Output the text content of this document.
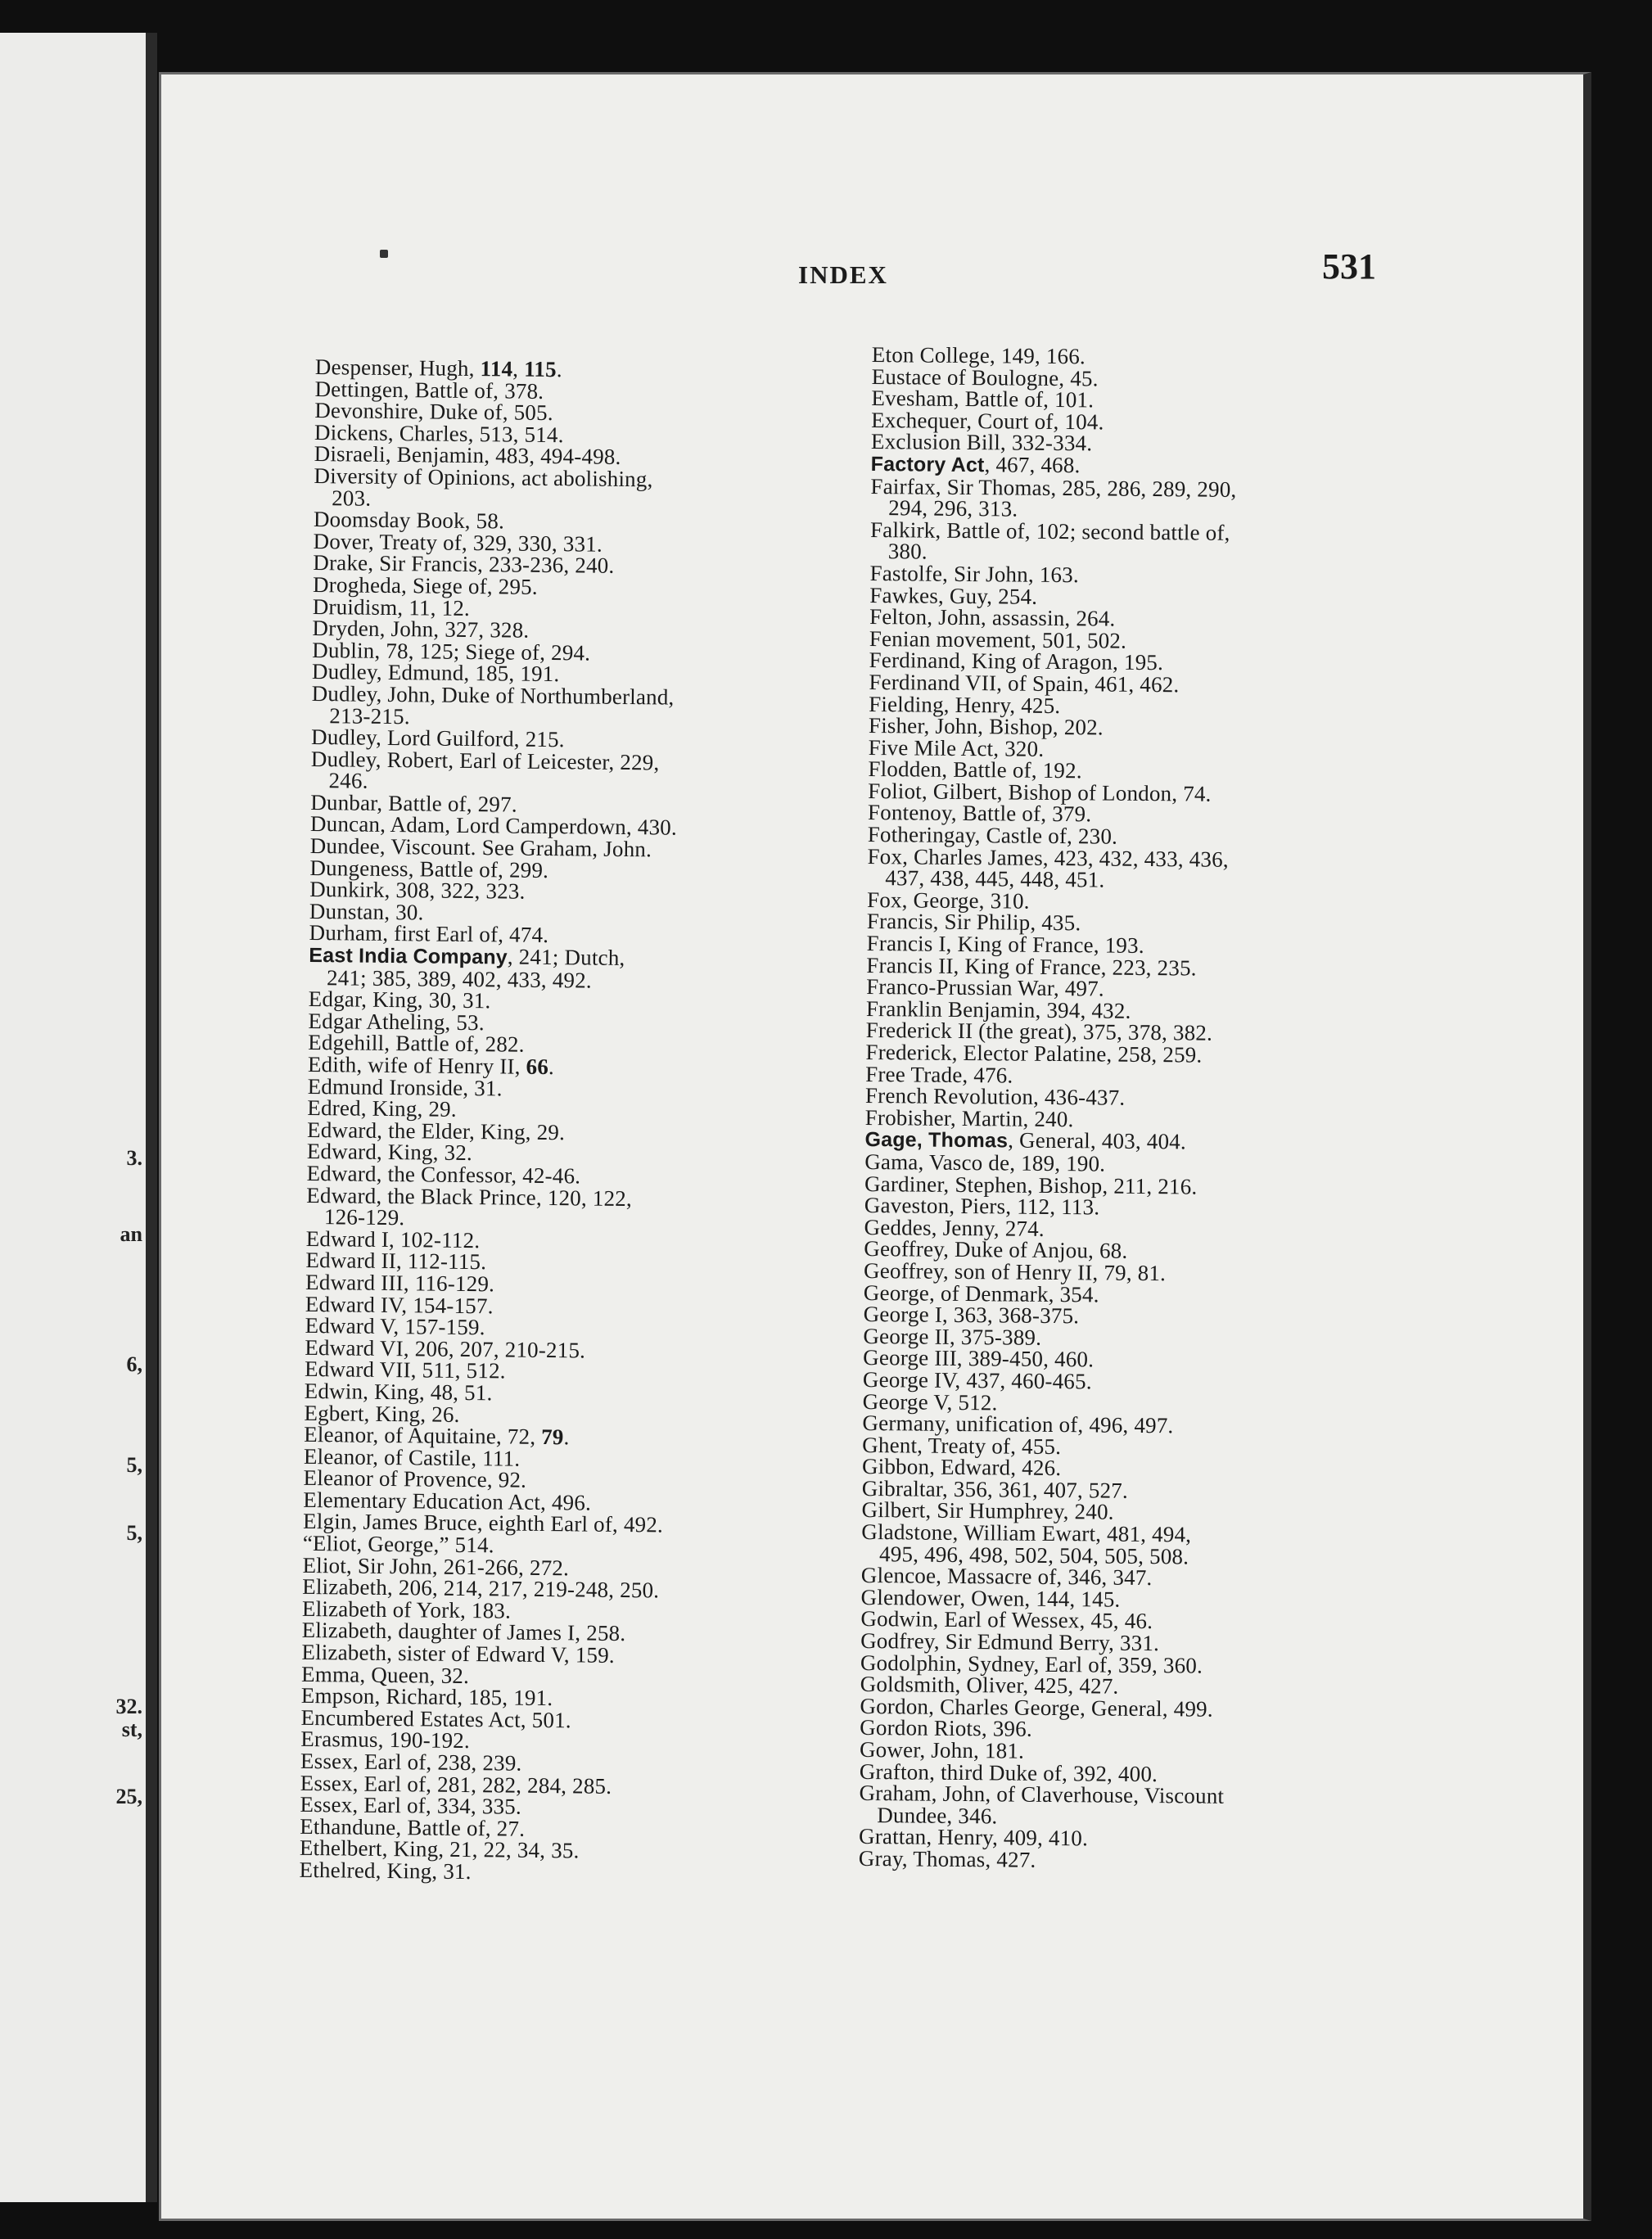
3.
an
6,
5,
5,
32.
st,
25,
INDEX	531
Despenser, Hugh, 114, 115.
Dettingen, Battle of, 378.
Devonshire, Duke of, 505.
Dickens, Charles, 513, 514.
Disraeli, Benjamin, 483, 494-498.
Diversity of Opinions, act abolishing,
203.
Doomsday Book, 58.
Dover, Treaty of, 329, 330, 331.
Drake, Sir Francis, 233-236, 240.
Drogheda, Siege of, 295.
Druidism, 11, 12.
Dryden, John, 327, 328.
Dublin, 78, 125; Siege of, 294.
Dudley, Edmund, 185, 191.
Dudley, John, Duke of Northumberland,
213-215.
Dudley, Lord Guilford, 215.
Dudley, Robert, Earl of Leicester, 229,
246.
Dunbar, Battle of, 297.
Duncan, Adam, Lord Camperdown, 430.
Dundee, Viscount. See Graham, John.
Dungeness, Battle of, 299.
Dunkirk, 308, 322, 323.
Dunstan, 30.
Durham, first Earl of, 474.
East India Company, 241; Dutch,
241; 385, 389, 402, 433, 492.
Edgar, King, 30, 31.
Edgar Atheling, 53.
Edgehill, Battle of, 282.
Edith, wife of Henry II, 66.
Edmund Ironside, 31.
Edred, King, 29.
Edward, the Elder, King, 29.
Edward, King, 32.
Edward, the Confessor, 42-46.
Edward, the Black Prince, 120, 122,
126-129.
Edward I, 102-112.
Edward II, 112-115.
Edward III, 116-129.
Edward IV, 154-157.
Edward V, 157-159.
Edward VI, 206, 207, 210-215.
Edward VII, 511, 512.
Edwin, King, 48, 51.
Egbert, King, 26.
Eleanor, of Aquitaine, 72, 79.
Eleanor, of Castile, 111.
Eleanor of Provence, 92.
Elementary Education Act, 496.
Elgin, James Bruce, eighth Earl of, 492.
“Eliot, George,” 514.
Eliot, Sir John, 261-266, 272.
Elizabeth, 206, 214, 217, 219-248, 250.
Elizabeth of York, 183.
Elizabeth, daughter of James I, 258.
Elizabeth, sister of Edward V, 159.
Emma, Queen, 32.
Empson, Richard, 185, 191.
Encumbered Estates Act, 501.
Erasmus, 190-192.
Essex, Earl of, 238, 239.
Essex, Earl of, 281, 282, 284, 285.
Essex, Earl of, 334, 335.
Ethandune, Battle of, 27.
Ethelbert, King, 21, 22, 34, 35.
Ethelred, King, 31.
Eton College, 149, 166.
Eustace of Boulogne, 45.
Evesham, Battle of, 101.
Exchequer, Court of, 104.
Exclusion Bill, 332-334.
Factory Act, 467, 468.
Fairfax, Sir Thomas, 285, 286, 289, 290,
294, 296, 313.
Falkirk, Battle of, 102; second battle of,
380.
Fastolfe, Sir John, 163.
Fawkes, Guy, 254.
Felton, John, assassin, 264.
Fenian movement, 501, 502.
Ferdinand, King of Aragon, 195.
Ferdinand VII, of Spain, 461, 462.
Fielding, Henry, 425.
Fisher, John, Bishop, 202.
Five Mile Act, 320.
Flodden, Battle of, 192.
Foliot, Gilbert, Bishop of London, 74.
Fontenoy, Battle of, 379.
Fotheringay, Castle of, 230.
Fox, Charles James, 423, 432, 433, 436,
437, 438, 445, 448, 451.
Fox, George, 310.
Francis, Sir Philip, 435.
Francis I, King of France, 193.
Francis II, King of France, 223, 235.
Franco-Prussian War, 497.
Franklin Benjamin, 394, 432.
Frederick II (the great), 375, 378, 382.
Frederick, Elector Palatine, 258, 259.
Free Trade, 476.
French Revolution, 436-437.
Frobisher, Martin, 240.
Gage, Thomas, General, 403, 404.
Gama, Vasco de, 189, 190.
Gardiner, Stephen, Bishop, 211, 216.
Gaveston, Piers, 112, 113.
Geddes, Jenny, 274.
Geoffrey, Duke of Anjou, 68.
Geoffrey, son of Henry II, 79, 81.
George, of Denmark, 354.
George I, 363, 368-375.
George II, 375-389.
George III, 389-450, 460.
George IV, 437, 460-465.
George V, 512.
Germany, unification of, 496, 497.
Ghent, Treaty of, 455.
Gibbon, Edward, 426.
Gibraltar, 356, 361, 407, 527.
Gilbert, Sir Humphrey, 240.
Gladstone, William Ewart, 481, 494,
495, 496, 498, 502, 504, 505, 508.
Glencoe, Massacre of, 346, 347.
Glendower, Owen, 144, 145.
Godwin, Earl of Wessex, 45, 46.
Godfrey, Sir Edmund Berry, 331.
Godolphin, Sydney, Earl of, 359, 360.
Goldsmith, Oliver, 425, 427.
Gordon, Charles George, General, 499.
Gordon Riots, 396.
Gower, John, 181.
Grafton, third Duke of, 392, 400.
Graham, John, of Claverhouse, Viscount
Dundee, 346.
Grattan, Henry, 409, 410.
Gray, Thomas, 427.
